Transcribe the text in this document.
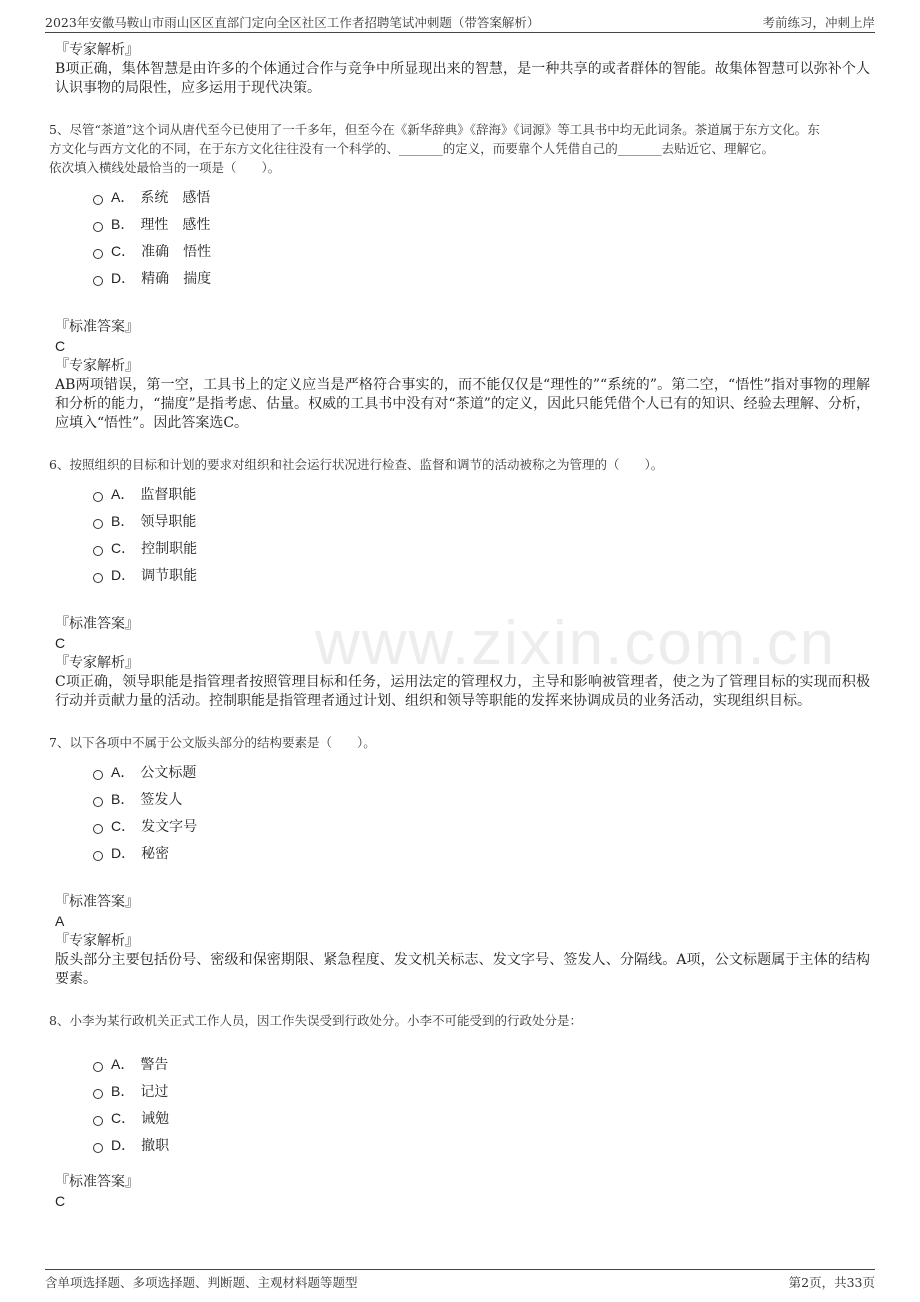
2023年安徽马鞍山市雨山区区直部门定向全区社区工作者招聘笔试冲刺题（带答案解析）	考前练习，冲刺上岸
www.zixin.com.cn
『专家解析』
B项正确，集体智慧是由许多的个体通过合作与竞争中所显现出来的智慧，是一种共享的或者群体的智能。故集体智慧可以弥补个人认识事物的局限性，应多运用于现代决策。
5、尽管“茶道”这个词从唐代至今已使用了一千多年，但至今在《新华辞典》《辞海》《词源》等工具书中均无此词条。茶道属于东方文化。东
方文化与西方文化的不同，在于东方文化往往没有一个科学的、_______的定义，而要靠个人凭借自己的_______去贴近它、理解它。
依次填入横线处最恰当的一项是（　　）。
A． 系统　感悟
B． 理性　感性
C． 准确　悟性
D． 精确　揣度
『标准答案』
C
『专家解析』
AB两项错误，第一空，工具书上的定义应当是严格符合事实的，而不能仅仅是“理性的”“系统的”。第二空，“悟性”指对事物的理解和分析的能力，“揣度”是指考虑、估量。权威的工具书中没有对“茶道”的定义，因此只能凭借个人已有的知识、经验去理解、分析，应填入“悟性”。因此答案选C。
6、按照组织的目标和计划的要求对组织和社会运行状况进行检查、监督和调节的活动被称之为管理的（　　）。
A． 监督职能
B． 领导职能
C． 控制职能
D． 调节职能
『标准答案』
C
『专家解析』
C项正确，领导职能是指管理者按照管理目标和任务，运用法定的管理权力，主导和影响被管理者，使之为了管理目标的实现而积极行动并贡献力量的活动。控制职能是指管理者通过计划、组织和领导等职能的发挥来协调成员的业务活动，实现组织目标。
7、以下各项中不属于公文版头部分的结构要素是（　　）。
A． 公文标题
B． 签发人
C． 发文字号
D． 秘密
『标准答案』
A
『专家解析』
版头部分主要包括份号、密级和保密期限、紧急程度、发文机关标志、发文字号、签发人、分隔线。A项，公文标题属于主体的结构要素。
8、小李为某行政机关正式工作人员，因工作失误受到行政处分。小李不可能受到的行政处分是：
A． 警告
B． 记过
C． 诫勉
D． 撤职
『标准答案』
C
含单项选择题、多项选择题、判断题、主观材料题等题型	第2页，共33页
